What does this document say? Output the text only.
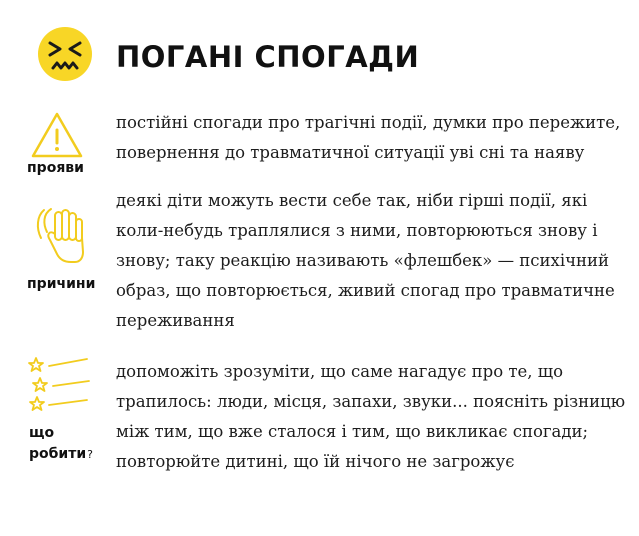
ПОГАНІ СПОГАДИ
прояви
постійні спогади про трагічні події, думки про пережите,
повернення до травматичної ситуації уві сні та наяву
причини
деякі діти можуть вести себе так, ніби гірші події, які
коли-небудь траплялися з ними, повторюються знову і
знову; таку реакцію називають «флешбек» — психічний
образ, що повторюється, живий спогад про травматичне
переживання
що
робити?
допоможіть зрозуміти, що саме нагадує про те, що
трапилось: люди, місця, запахи, звуки... поясніть різницю
між тим, що вже сталося і тим, що викликає спогади;
повторюйте дитині, що їй нічого не загрожує
